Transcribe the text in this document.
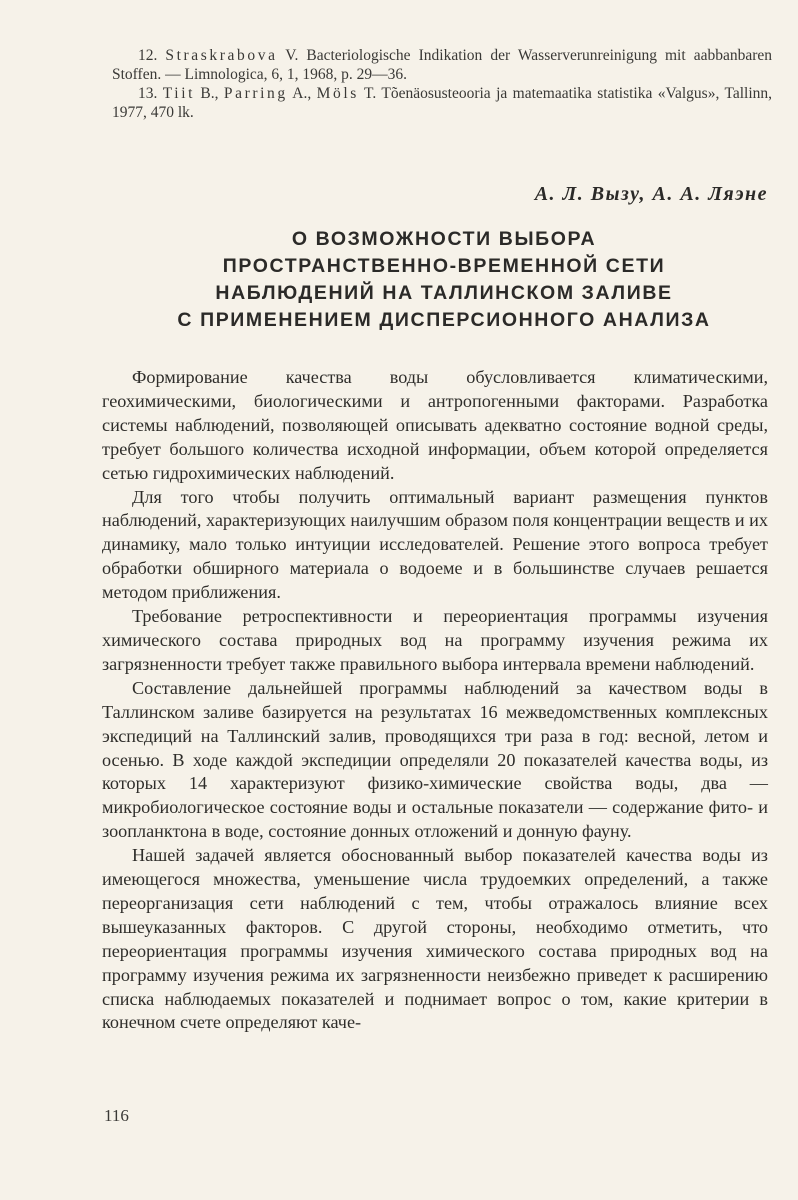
12. Straskrabova V. Bacteriologische Indikation der Wasserverunreinigung mit aabbanbaren Stoffen. — Limnologica, 6, 1, 1968, p. 29—36.

13. Tiit B., Parring A., Möls T. Tõenäosusteooria ja matemaatika statistika «Valgus», Tallinn, 1977, 470 lk.

А. Л. Вызу, А. А. Ляэне
О ВОЗМОЖНОСТИ ВЫБОРА
ПРОСТРАНСТВЕННО-ВРЕМЕННОЙ СЕТИ
НАБЛЮДЕНИЙ НА ТАЛЛИНСКОМ ЗАЛИВЕ
С ПРИМЕНЕНИЕМ ДИСПЕРСИОННОГО АНАЛИЗА

Формирование качества воды обусловливается климатическими, геохимическими, биологическими и антропогенными факторами. Разработка системы наблюдений, позволяющей описывать адекватно состояние водной среды, требует большого количества исходной информации, объем которой определяется сетью гидрохимических наблюдений.

Для того чтобы получить оптимальный вариант размещения пунктов наблюдений, характеризующих наилучшим образом поля концентрации веществ и их динамику, мало только интуиции исследователей. Решение этого вопроса требует обработки обширного материала о водоеме и в большинстве случаев решается методом приближения.

Требование ретроспективности и переориентация программы изучения химического состава природных вод на программу изучения режима их загрязненности требует также правильного выбора интервала времени наблюдений.

Составление дальнейшей программы наблюдений за качеством воды в Таллинском заливе базируется на результатах 16 межведомственных комплексных экспедиций на Таллинский залив, проводящихся три раза в год: весной, летом и осенью. В ходе каждой экспедиции определяли 20 показателей качества воды, из которых 14 характеризуют физико-химические свойства воды, два — микробиологическое состояние воды и остальные показатели — содержание фито- и зоопланктона в воде, состояние донных отложений и донную фауну.

Нашей задачей является обоснованный выбор показателей качества воды из имеющегося множества, уменьшение числа трудоемких определений, а также переорганизация сети наблюдений с тем, чтобы отражалось влияние всех вышеуказанных факторов. С другой стороны, необходимо отметить, что переориентация программы изучения химического состава природных вод на программу изучения режима их загрязненности неизбежно приведет к расширению списка наблюдаемых показателей и поднимает вопрос о том, какие критерии в конечном счете определяют каче-

116
